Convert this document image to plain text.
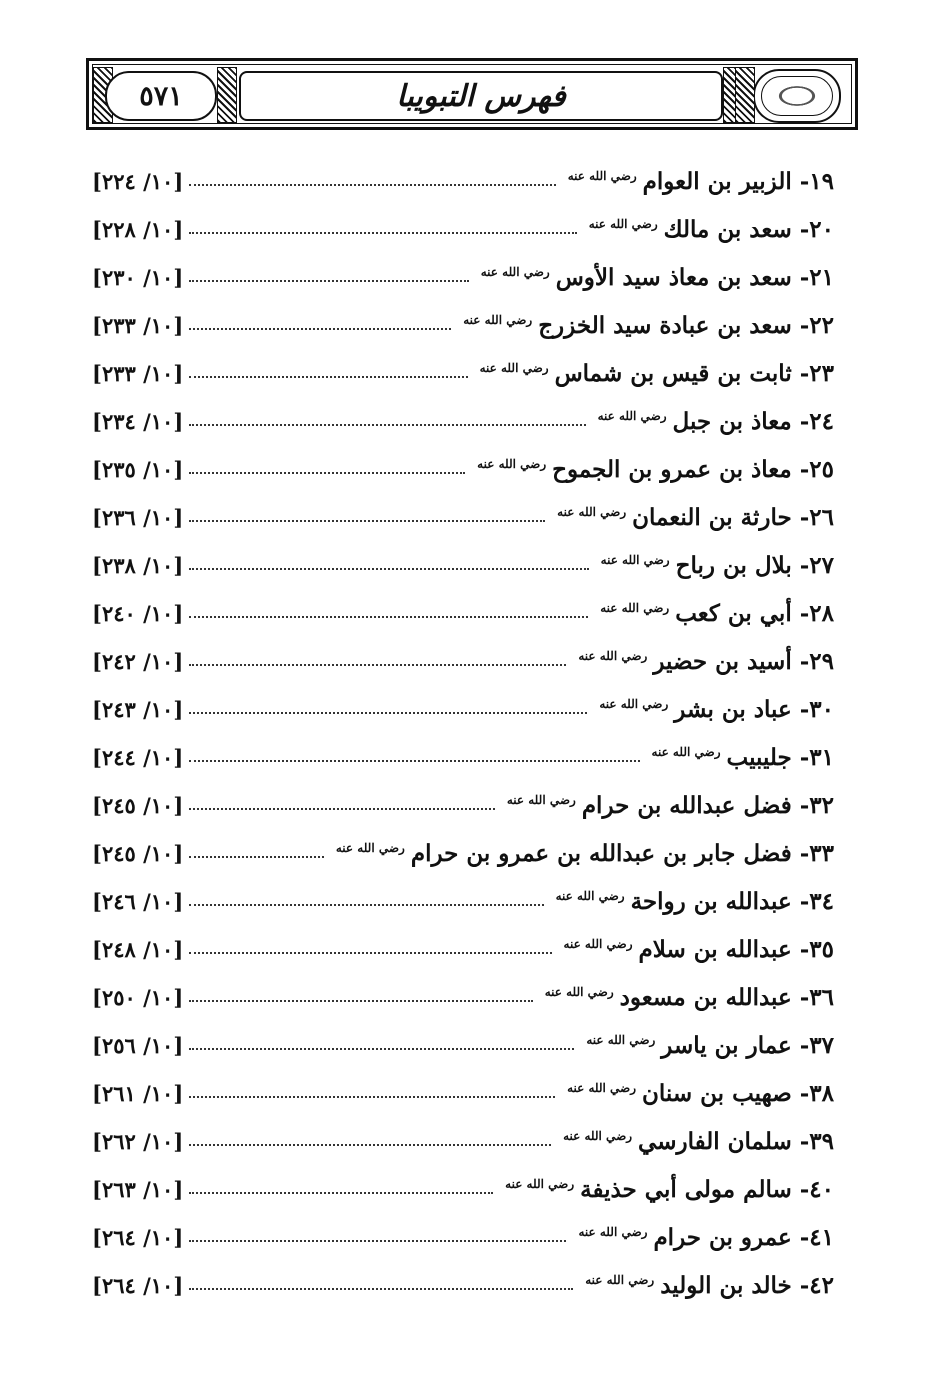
٥٧١	فهرس التبويبا
١٩- الزبير بن العوامرضي الله عنه
[١٠/ ٢٢٤]
٢٠- سعد بن مالكرضي الله عنه
[١٠/ ٢٢٨]
٢١- سعد بن معاذ سيد الأوسرضي الله عنه
[١٠/ ٢٣٠]
٢٢- سعد بن عبادة سيد الخزرجرضي الله عنه
[١٠/ ٢٣٣]
٢٣- ثابت بن قيس بن شماسرضي الله عنه
[١٠/ ٢٣٣]
٢٤- معاذ بن جبلرضي الله عنه
[١٠/ ٢٣٤]
٢٥- معاذ بن عمرو بن الجموحرضي الله عنه
[١٠/ ٢٣٥]
٢٦- حارثة بن النعمانرضي الله عنه
[١٠/ ٢٣٦]
٢٧- بلال بن رباحرضي الله عنه
[١٠/ ٢٣٨]
٢٨- أبي بن كعبرضي الله عنه
[١٠/ ٢٤٠]
٢٩- أسيد بن حضيررضي الله عنه
[١٠/ ٢٤٢]
٣٠- عباد بن بشررضي الله عنه
[١٠/ ٢٤٣]
٣١- جليبيبرضي الله عنه
[١٠/ ٢٤٤]
٣٢- فضل عبدالله بن حرامرضي الله عنه
[١٠/ ٢٤٥]
٣٣- فضل جابر بن عبدالله بن عمرو بن حرامرضي الله عنه
[١٠/ ٢٤٥]
٣٤- عبدالله بن رواحةرضي الله عنه
[١٠/ ٢٤٦]
٣٥- عبدالله بن سلامرضي الله عنه
[١٠/ ٢٤٨]
٣٦- عبدالله بن مسعودرضي الله عنه
[١٠/ ٢٥٠]
٣٧- عمار بن ياسررضي الله عنه
[١٠/ ٢٥٦]
٣٨- صهيب بن سنانرضي الله عنه
[١٠/ ٢٦١]
٣٩- سلمان الفارسيرضي الله عنه
[١٠/ ٢٦٢]
٤٠- سالم مولى أبي حذيفةرضي الله عنه
[١٠/ ٢٦٣]
٤١- عمرو بن حرامرضي الله عنه
[١٠/ ٢٦٤]
٤٢- خالد بن الوليدرضي الله عنه
[١٠/ ٢٦٤]
